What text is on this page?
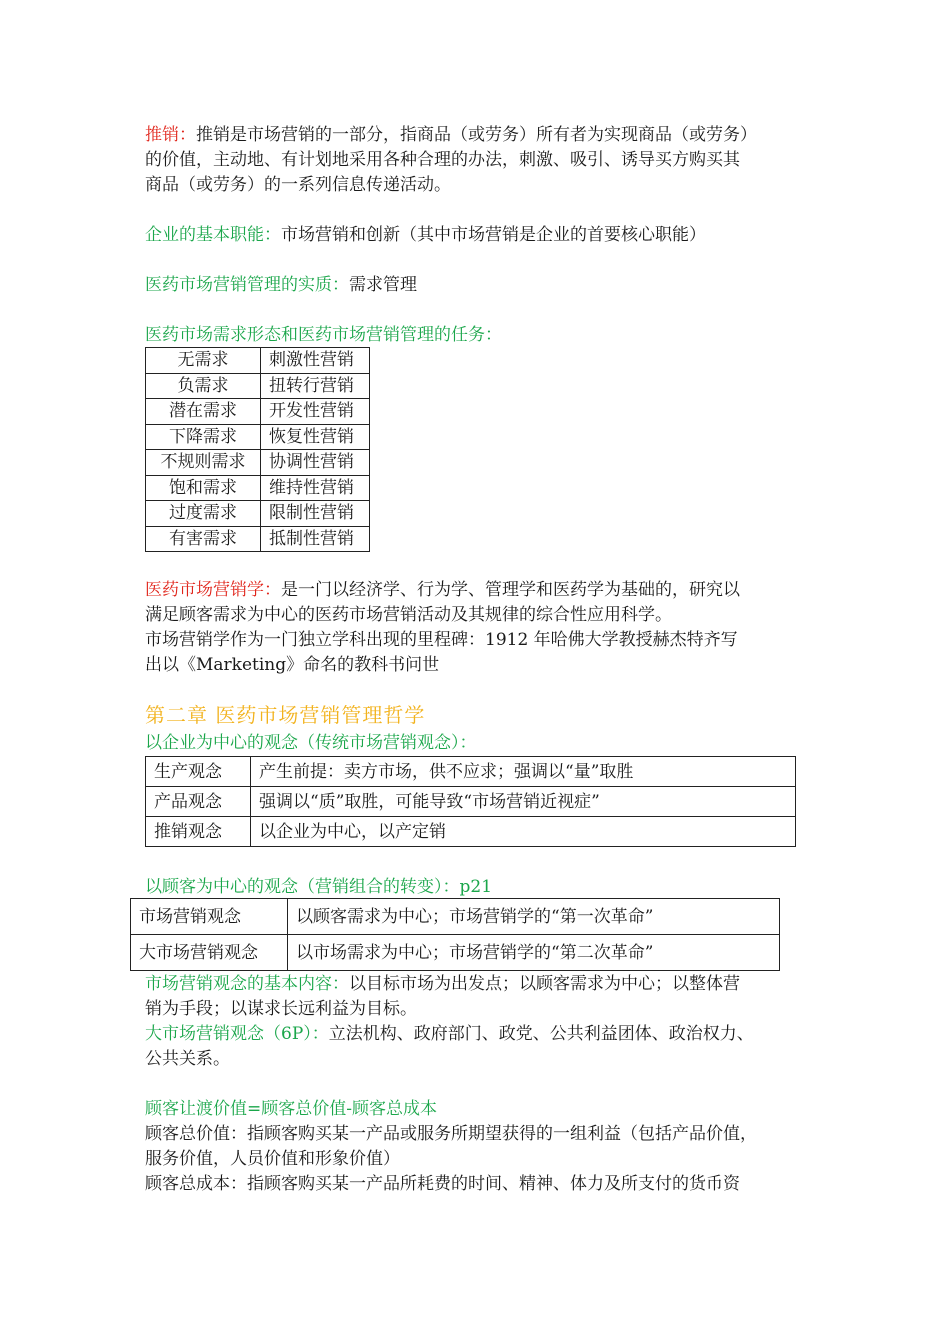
推销：推销是市场营销的一部分，指商品（或劳务）所有者为实现商品（或劳务）
的价值，主动地、有计划地采用各种合理的办法，刺激、吸引、诱导买方购买其
商品（或劳务）的一系列信息传递活动。
企业的基本职能：市场营销和创新（其中市场营销是企业的首要核心职能）
医药市场营销管理的实质：需求管理
医药市场需求形态和医药市场营销管理的任务：
无需求	刺激性营销
负需求	扭转行营销
潜在需求	开发性营销
下降需求	恢复性营销
不规则需求	协调性营销
饱和需求	维持性营销
过度需求	限制性营销
有害需求	抵制性营销
医药市场营销学：是一门以经济学、行为学、管理学和医药学为基础的，研究以
满足顾客需求为中心的医药市场营销活动及其规律的综合性应用科学。
市场营销学作为一门独立学科出现的里程碑：1912 年哈佛大学教授赫杰特齐写
出以《Marketing》命名的教科书问世
第二章 医药市场营销管理哲学
以企业为中心的观念（传统市场营销观念）：
生产观念	产生前提：卖方市场，供不应求；强调以“量”取胜
产品观念	强调以“质”取胜，可能导致“市场营销近视症”
推销观念	以企业为中心，以产定销
以顾客为中心的观念（营销组合的转变）：p21
市场营销观念	以顾客需求为中心；市场营销学的“第一次革命”
大市场营销观念	以市场需求为中心；市场营销学的“第二次革命”
市场营销观念的基本内容：以目标市场为出发点；以顾客需求为中心；以整体营
销为手段；以谋求长远利益为目标。
大市场营销观念（6P）：立法机构、政府部门、政党、公共利益团体、政治权力、
公共关系。
顾客让渡价值=顾客总价值-顾客总成本
顾客总价值：指顾客购买某一产品或服务所期望获得的一组利益（包括产品价值，
服务价值，人员价值和形象价值）
顾客总成本：指顾客购买某一产品所耗费的时间、精神、体力及所支付的货币资
